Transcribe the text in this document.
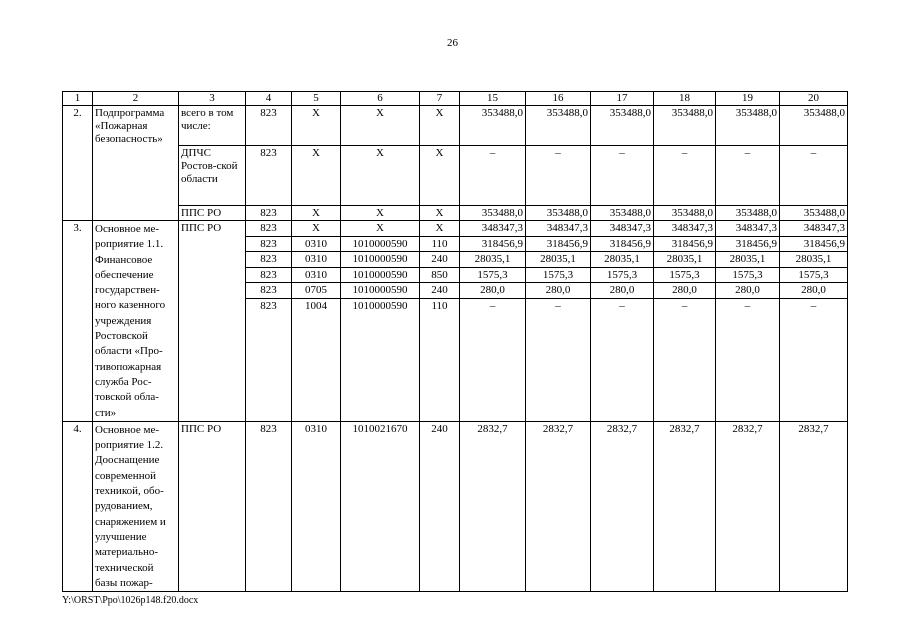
26
1	2	3	4	5	6	7	15	16	17	18	19	20
2.	Подпрограмма «Пожарная безопасность»	всего в том числе:	823	Х	Х	Х	353488,0	353488,0	353488,0	353488,0	353488,0	353488,0
		ДПЧС Ростов-ской области	823	Х	Х	Х	–	–	–	–	–	–
		ППС РО	823	Х	Х	Х	353488,0	353488,0	353488,0	353488,0	353488,0	353488,0
3.	Основное ме-роприятие 1.1. Финансовое обеспечение государствен-ного казенного учреждения Ростовской области «Про-тивопожарная служба Рос-товской обла-сти»	ППС РО	823	Х	Х	Х	348347,3	348347,3	348347,3	348347,3	348347,3	348347,3
			823	0310	1010000590	110	318456,9	318456,9	318456,9	318456,9	318456,9	318456,9
			823	0310	1010000590	240	28035,1	28035,1	28035,1	28035,1	28035,1	28035,1
			823	0310	1010000590	850	1575,3	1575,3	1575,3	1575,3	1575,3	1575,3
			823	0705	1010000590	240	280,0	280,0	280,0	280,0	280,0	280,0
			823	1004	1010000590	110	–	–	–	–	–	–

4.	Основное ме-роприятие 1.2. Дооснащение современной техникой, обо-рудованием, снаряжением и улучшение материально-технической базы пожар-	ППС РО	823	0310	1010021670	240	2832,7	2832,7	2832,7	2832,7	2832,7	2832,7
Y:\ORST\Ppo\1026p148.f20.docx
